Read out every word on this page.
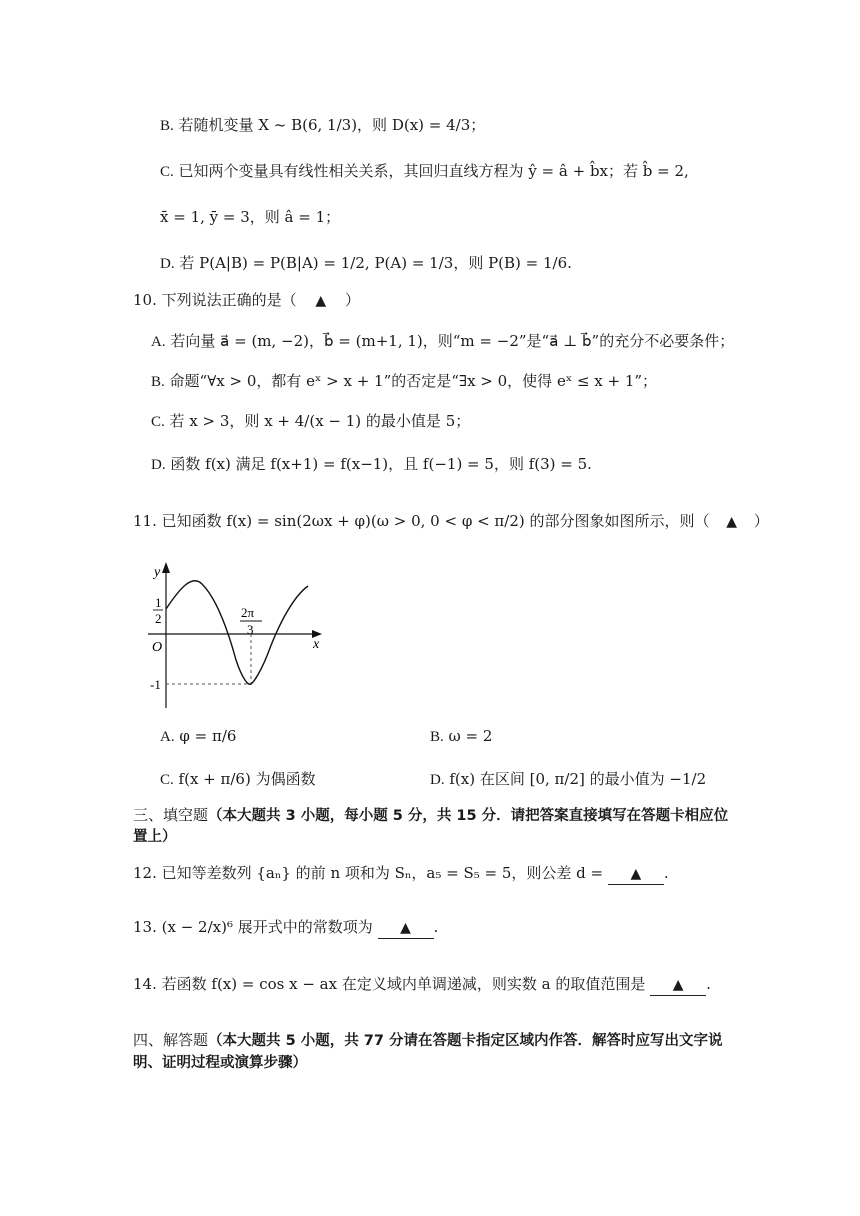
B. 若随机变量 X ~ B(6, 1/3)，则 D(x) = 4/3；
C. 已知两个变量具有线性相关关系，其回归直线方程为 ŷ = â + b̂x；若 b̂ = 2,
x̄ = 1, ȳ = 3，则 â = 1；
D. 若 P(A|B) = P(B|A) = 1/2, P(A) = 1/3，则 P(B) = 1/6.
10. 下列说法正确的是（ ▲ ）
A. 若向量 a⃗ = (m, −2)，b⃗ = (m+1, 1)，则“m = −2”是“a⃗ ⊥ b⃗”的充分不必要条件；
B. 命题“∀x > 0，都有 eˣ > x + 1”的否定是“∃x > 0，使得 eˣ ≤ x + 1”；
C. 若 x > 3，则 x + 4/(x − 1) 的最小值是 5；
D. 函数 f(x) 满足 f(x+1) = f(x−1)，且 f(−1) = 5，则 f(3) = 5.
11. 已知函数 f(x) = sin(2ωx + φ)(ω > 0, 0 < φ < π/2) 的部分图象如图所示，则（ ▲ ）
y
x
O
1
2	2π
3
-1
A. φ = π/6	B. ω = 2
C. f(x + π/6) 为偶函数	D. f(x) 在区间 [0, π/2] 的最小值为 −1/2
三、填空题（本大题共 3 小题，每小题 5 分，共 15 分．请把答案直接填写在答题卡相应位
置上）
12. 已知等差数列 {aₙ} 的前 n 项和为 Sₙ，a₅ = S₅ = 5，则公差 d = ▲ .
13. (x − 2/x)⁶ 展开式中的常数项为 ▲ .
14. 若函数 f(x) = cos x − ax 在定义域内单调递减，则实数 a 的取值范围是 ▲ .
四、解答题（本大题共 5 小题，共 77 分请在答题卡指定区域内作答．解答时应写出文字说
明、证明过程或演算步骤）
